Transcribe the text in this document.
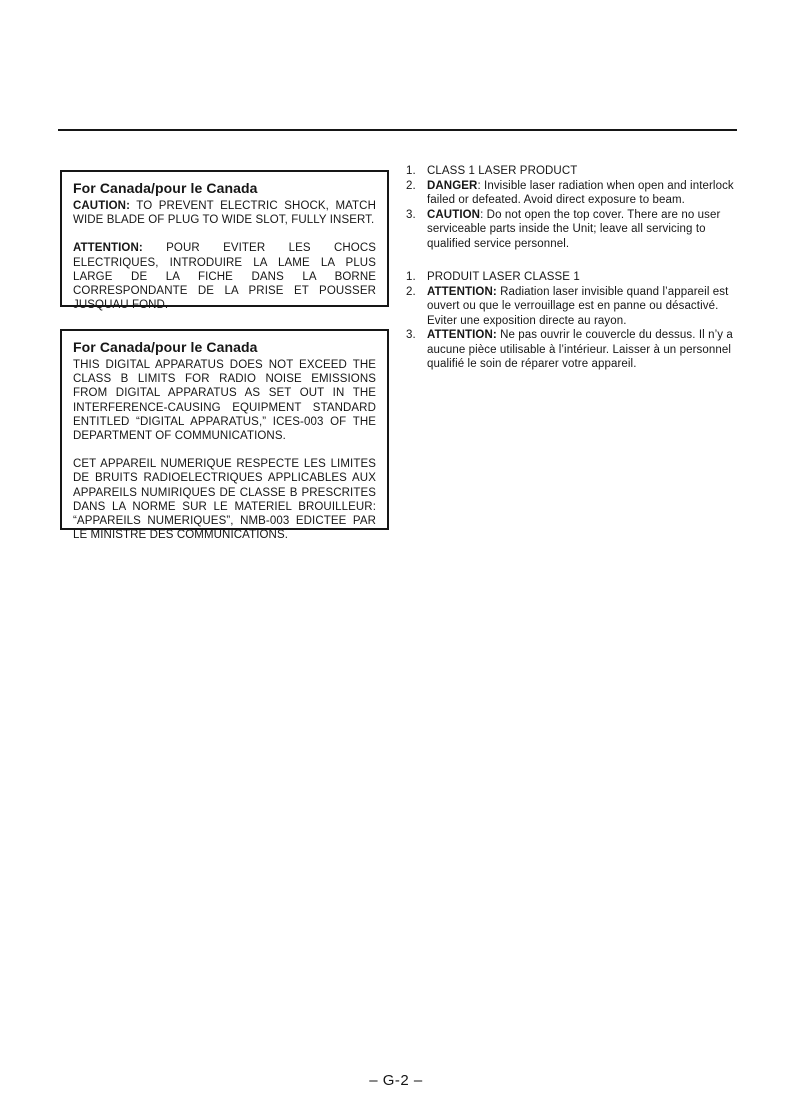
For Canada/pour le Canada

CAUTION: TO PREVENT ELECTRIC SHOCK, MATCH WIDE BLADE OF PLUG TO WIDE SLOT, FULLY INSERT.

ATTENTION: POUR EVITER LES CHOCS ELECTRIQUES, INTRODUIRE LA LAME LA PLUS LARGE DE LA FICHE DANS LA BORNE CORRESPONDANTE DE LA PRISE ET POUSSER JUSQUAU FOND.

For Canada/pour le Canada

THIS DIGITAL APPARATUS DOES NOT EXCEED THE CLASS B LIMITS FOR RADIO NOISE EMISSIONS FROM DIGITAL APPARATUS AS SET OUT IN THE INTERFERENCE-CAUSING EQUIPMENT STANDARD ENTITLED “DIGITAL APPARATUS,” ICES-003 OF THE DEPARTMENT OF COMMUNICATIONS.

CET APPAREIL NUMERIQUE RESPECTE LES LIMITES DE BRUITS RADIOELECTRIQUES APPLICABLES AUX APPAREILS NUMIRIQUES DE CLASSE B PRESCRITES DANS LA NORME SUR LE MATERIEL BROUILLEUR: “APPAREILS NUMERIQUES”, NMB-003 EDICTEE PAR LE MINISTRE DES COMMUNICATIONS.

1. CLASS 1 LASER PRODUCT
2. DANGER: Invisible laser radiation when open and interlock failed or defeated. Avoid direct exposure to beam.
3. CAUTION: Do not open the top cover. There are no user serviceable parts inside the Unit; leave all servicing to qualified service personnel.
1. PRODUIT LASER CLASSE 1
2. ATTENTION: Radiation laser invisible quand l’appareil est ouvert ou que le verrouillage est en panne ou désactivé. Eviter une exposition directe au rayon.
3. ATTENTION: Ne pas ouvrir le couvercle du dessus. Il n’y a aucune pièce utilisable à l’intérieur. Laisser à un personnel qualifié le soin de réparer votre appareil.
– G-2 –
